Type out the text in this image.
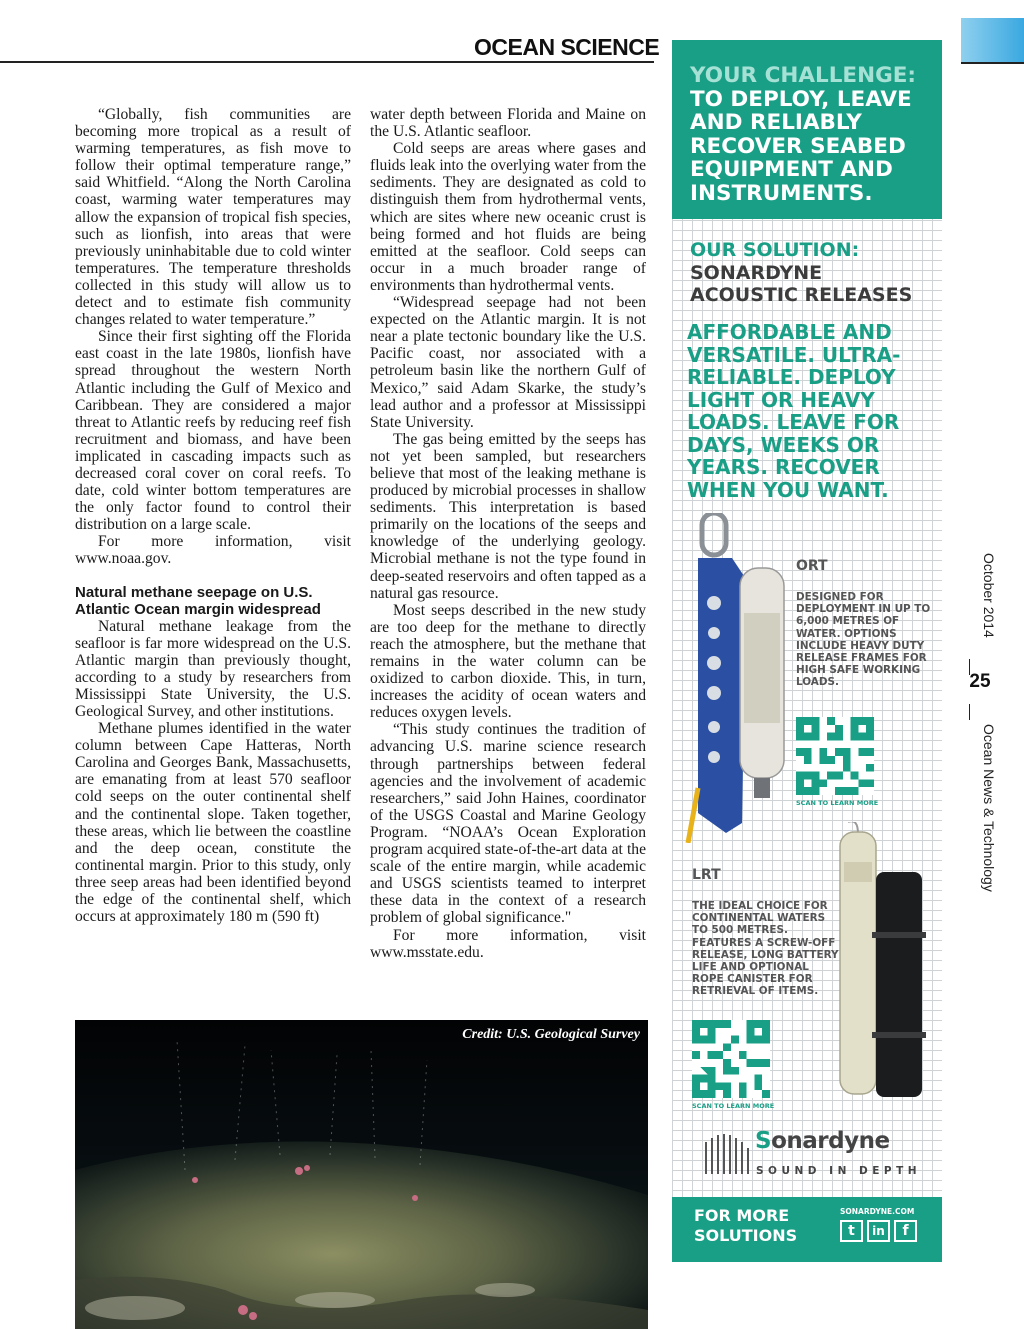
OCEAN SCIENCE

“Globally, fish communities are becoming more tropical as a result of warming temperatures, as fish move to follow their optimal temperature range,” said Whitfield. “Along the North Carolina coast, warming water temperatures may allow the expansion of tropical fish species, such as lionfish, into areas that were previously uninhabitable due to cold winter temperatures. The temperature thresholds collected in this study will allow us to detect and to estimate fish community changes related to water temperature.”

Since their first sighting off the Florida east coast in the late 1980s, lionfish have spread throughout the western North Atlantic including the Gulf of Mexico and Caribbean. They are considered a major threat to Atlantic reefs by reducing reef fish recruitment and biomass, and have been implicated in cascading impacts such as decreased coral cover on coral reefs. To date, cold winter bottom temperatures are the only factor found to control their distribution on a large scale.

For more information, visit www.noaa.gov.

Natural methane seepage on U.S. Atlantic Ocean margin widespread

Natural methane leakage from the seafloor is far more widespread on the U.S. Atlantic margin than previously thought, according to a study by researchers from Mississippi State University, the U.S. Geological Survey, and other institutions.

Methane plumes identified in the water column between Cape Hatteras, North Carolina and Georges Bank, Massachusetts, are emanating from at least 570 seafloor cold seeps on the outer continental shelf and the continental slope. Taken together, these areas, which lie between the coastline and the deep ocean, constitute the continental margin. Prior to this study, only three seep areas had been identified beyond the edge of the continental shelf, which occurs at approximately 180 m (590 ft)

water depth between Florida and Maine on the U.S. Atlantic seafloor.

Cold seeps are areas where gases and fluids leak into the overlying water from the sediments. They are designated as cold to distinguish them from hydrothermal vents, which are sites where new oceanic crust is being formed and hot fluids are being emitted at the seafloor. Cold seeps can occur in a much broader range of environments than hydrothermal vents.

“Widespread seepage had not been expected on the Atlantic margin. It is not near a plate tectonic boundary like the U.S. Pacific coast, nor associated with a petroleum basin like the northern Gulf of Mexico,” said Adam Skarke, the study’s lead author and a professor at Mississippi State University.

The gas being emitted by the seeps has not yet been sampled, but researchers believe that most of the leaking methane is produced by microbial processes in shallow sediments. This interpretation is based primarily on the locations of the seeps and knowledge of the underlying geology. Microbial methane is not the type found in deep-seated reservoirs and often tapped as a natural gas resource.

Most seeps described in the new study are too deep for the methane to directly reach the atmosphere, but the methane that remains in the water column can be oxidized to carbon dioxide. This, in turn, increases the acidity of ocean waters and reduces oxygen levels.

“This study continues the tradition of advancing U.S. marine science research through partnerships between federal agencies and the involvement of academic researchers,” said John Haines, coordinator of the USGS Coastal and Marine Geology Program. “NOAA’s Ocean Exploration program acquired state-of-the-art data at the scale of the entire margin, while academic and USGS scientists teamed to interpret these data in the context of a research problem of global significance."

For more information, visit www.msstate.edu.

Credit: U.S. Geological Survey
YOUR CHALLENGE: TO DEPLOY, LEAVE AND RELIABLY RECOVER SEABED EQUIPMENT AND INSTRUMENTS.
OUR SOLUTION:
SONARDYNE ACOUSTIC RELEASES
AFFORDABLE AND VERSATILE. ULTRA-RELIABLE. DEPLOY LIGHT OR HEAVY LOADS. LEAVE FOR DAYS, WEEKS OR YEARS. RECOVER WHEN YOU WANT.
ORT
DESIGNED FOR DEPLOYMENT IN UP TO 6,000 METRES OF WATER. OPTIONS INCLUDE HEAVY DUTY RELEASE FRAMES FOR HIGH SAFE WORKING LOADS.
SCAN TO LEARN MORE
LRT
THE IDEAL CHOICE FOR CONTINENTAL WATERS TO 500 METRES. FEATURES A SCREW-OFF RELEASE, LONG BATTERY LIFE AND OPTIONAL ROPE CANISTER FOR RETRIEVAL OF ITEMS.
SCAN TO LEARN MORE
Sonardyne
SOUND IN DEPTH
FOR MORE SOLUTIONS
SONARDYNE.COM
t	in	f
October 2014
25
Ocean News & Technology
